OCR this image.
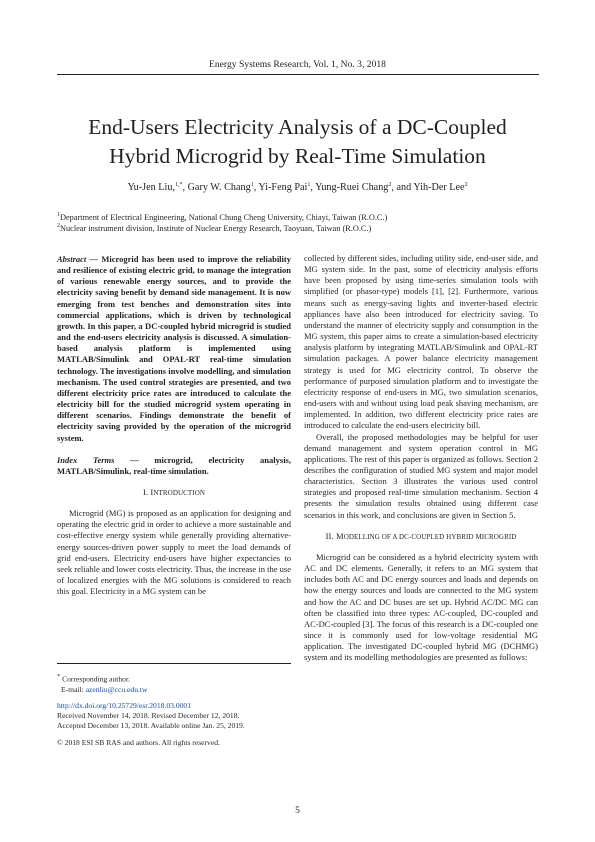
Energy Systems Research, Vol. 1, No. 3, 2018
End-Users Electricity Analysis of a DC-Coupled
Hybrid Microgrid by Real-Time Simulation
Yu-Jen Liu,$^{1,*}$, Gary W. Chang$^1$, Yi-Feng Pai$^1$, Yung-Ruei Chang$^2$, and Yih-Der Lee$^2$
$^1$Department of Electrical Engineering, National Chung Cheng University, Chiayi, Taiwan (R.O.C.)
$^2$Nuclear instrument division, Institute of Nuclear Energy Research, Taoyuan, Taiwan (R.O.C.)

Abstract — Microgrid has been used to improve the reliability and resilience of existing electric grid, to manage the integration of various renewable energy sources, and to provide the electricity saving benefit by demand side management. It is now emerging from test benches and demonstration sites into commercial applications, which is driven by technological growth. In this paper, a DC-coupled hybrid microgrid is studied and the end-users electricity analysis is discussed. A simulation-based analysis platform is implemented using MATLAB/Simulink and OPAL-RT real-time simulation technology. The investigations involve modelling, and simulation mechanism. The used control strategies are presented, and two different electricity price rates are introduced to calculate the electricity bill for the studied microgrid system operating in different scenarios. Findings demonstrate the benefit of electricity saving provided by the operation of the microgrid system.

Index Terms — microgrid, electricity analysis, MATLAB/Simulink, real-time simulation.

I. INTRODUCTION

Microgrid (MG) is proposed as an application for designing and operating the electric grid in order to achieve a more sustainable and cost-effective energy system while generally providing alternative-energy sources-driven power supply to meet the load demands of grid end-users. Electricity end-users have higher expectancies to seek reliable and lower costs electricity. Thus, the increase in the use of localized energies with the MG solutions is considered to reach this goal. Electricity in a MG system can be

* Corresponding author.
E-mail: azenliu@ccu.edu.tw
http://dx.doi.org/10.25729/esr.2018.03.0001
Received November 14, 2018. Revised December 12, 2018.
Accepted December 13, 2018. Available online Jan. 25, 2019.
© 2018 ESI SB RAS and authors. All rights reserved.

collected by different sides, including utility side, end-user side, and MG system side. In the past, some of electricity analysis efforts have been proposed by using time-series simulation tools with simplified (or phasor-type) models [1], [2]. Furthermore, various means such as energy-saving lights and inverter-based electric appliances have also been introduced for electricity saving. To understand the manner of electricity supply and consumption in the MG system, this paper aims to create a simulation-based electricity analysis platform by integrating MATLAB/Simulink and OPAL-RT simulation packages. A power balance electricity management strategy is used for MG electricity control. To observe the performance of purposed simulation platform and to investigate the electricity response of end-users in MG, two simulation scenarios, end-users with and without using load peak shaving mechanism, are implemented. In addition, two different electricity price rates are introduced to calculate the end-users electricity bill.

Overall, the proposed methodologies may be helpful for user demand management and system operation control in MG applications. The rest of this paper is organized as follows. Section 2 describes the configuration of studied MG system and major model characteristics. Section 3 illustrates the various used control strategies and proposed real-time simulation mechanism. Section 4 presents the simulation results obtained using different case scenarios in this work, and conclusions are given in Section 5.

II. MODELLING OF A DC-COUPLED HYBRID MICROGRID

Microgrid can be considered as a hybrid electricity system with AC and DC elements. Generally, it refers to an MG system that includes both AC and DC energy sources and loads and depends on how the energy sources and loads are connected to the MG system and how the AC and DC buses are set up. Hybrid AC/DC MG can often be classified into three types: AC-coupled, DC-coupled and AC-DC-coupled [3]. The focus of this research is a DC-coupled one since it is commonly used for low-voltage residential MG application. The investigated DC-coupled hybrid MG (DCHMG) system and its modelling methodologies are presented as follows:

5
